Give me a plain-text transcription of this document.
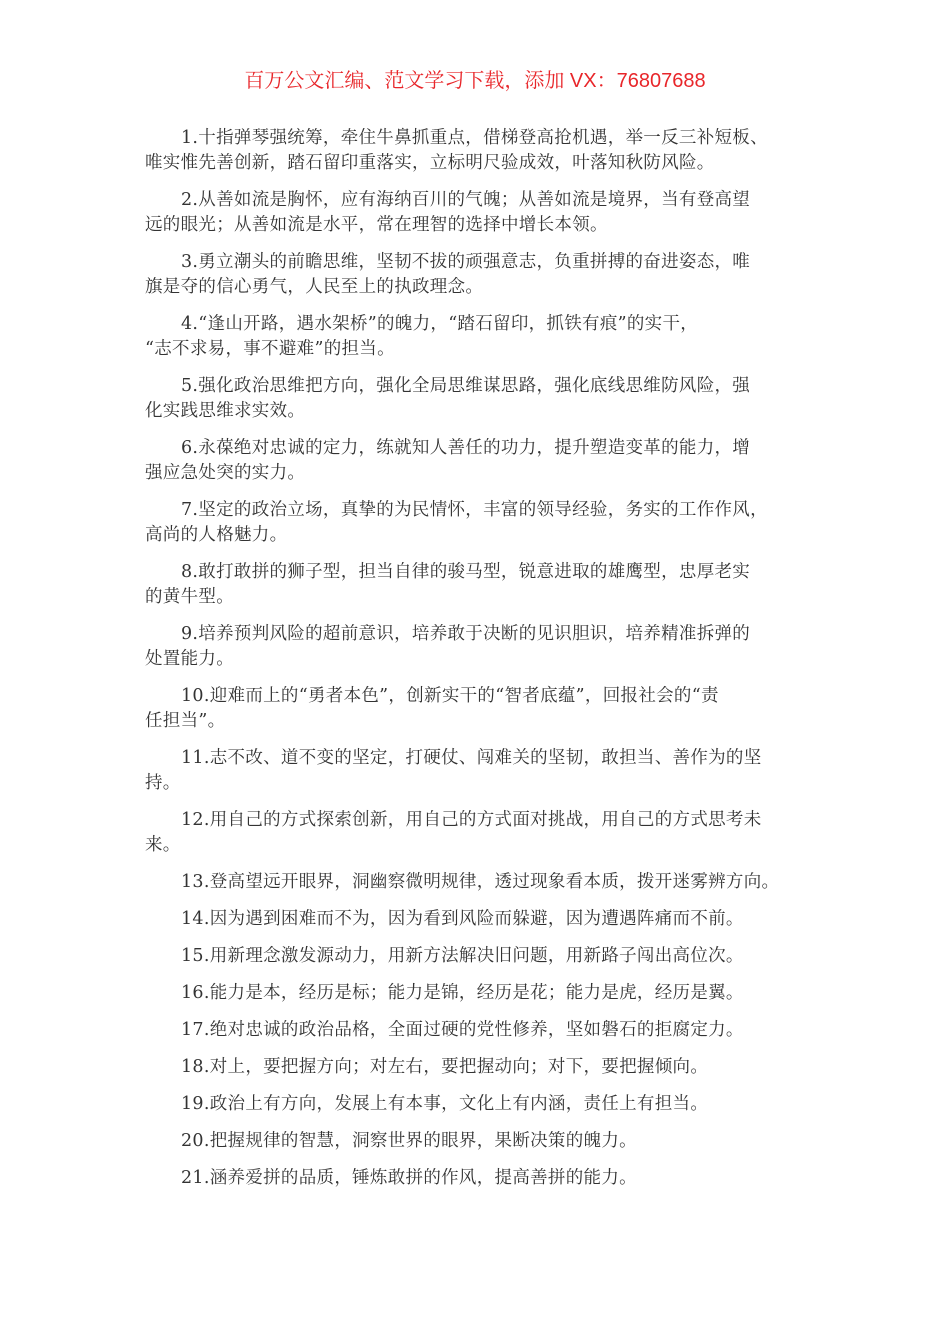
百万公文汇编、范文学习下载，添加 VX：76807688
1.十指弹琴强统筹，牵住牛鼻抓重点，借梯登高抢机遇，举一反三补短板、
唯实惟先善创新，踏石留印重落实，立标明尺验成效，叶落知秋防风险。
2.从善如流是胸怀，应有海纳百川的气魄；从善如流是境界，当有登高望
远的眼光；从善如流是水平，常在理智的选择中增长本领。
3.勇立潮头的前瞻思维，坚韧不拔的顽强意志，负重拼搏的奋进姿态，唯
旗是夺的信心勇气，人民至上的执政理念。
4.“逢山开路，遇水架桥”的魄力，“踏石留印，抓铁有痕”的实干，
“志不求易，事不避难”的担当。
5.强化政治思维把方向，强化全局思维谋思路，强化底线思维防风险，强
化实践思维求实效。
6.永葆绝对忠诚的定力，练就知人善任的功力，提升塑造变革的能力，增
强应急处突的实力。
7.坚定的政治立场，真挚的为民情怀，丰富的领导经验，务实的工作作风，
高尚的人格魅力。
8.敢打敢拼的狮子型，担当自律的骏马型，锐意进取的雄鹰型，忠厚老实
的黄牛型。
9.培养预判风险的超前意识，培养敢于决断的见识胆识，培养精准拆弹的
处置能力。
10.迎难而上的“勇者本色”，创新实干的“智者底蕴”，回报社会的“责
任担当”。
11.志不改、道不变的坚定，打硬仗、闯难关的坚韧，敢担当、善作为的坚
持。
12.用自己的方式探索创新，用自己的方式面对挑战，用自己的方式思考未
来。
13.登高望远开眼界，洞幽察微明规律，透过现象看本质，拨开迷雾辨方向。
14.因为遇到困难而不为，因为看到风险而躲避，因为遭遇阵痛而不前。
15.用新理念激发源动力，用新方法解决旧问题，用新路子闯出高位次。
16.能力是本，经历是标；能力是锦，经历是花；能力是虎，经历是翼。
17.绝对忠诚的政治品格，全面过硬的党性修养，坚如磐石的拒腐定力。
18.对上，要把握方向；对左右，要把握动向；对下，要把握倾向。
19.政治上有方向，发展上有本事，文化上有内涵，责任上有担当。
20.把握规律的智慧，洞察世界的眼界，果断决策的魄力。
21.涵养爱拼的品质，锤炼敢拼的作风，提高善拼的能力。
